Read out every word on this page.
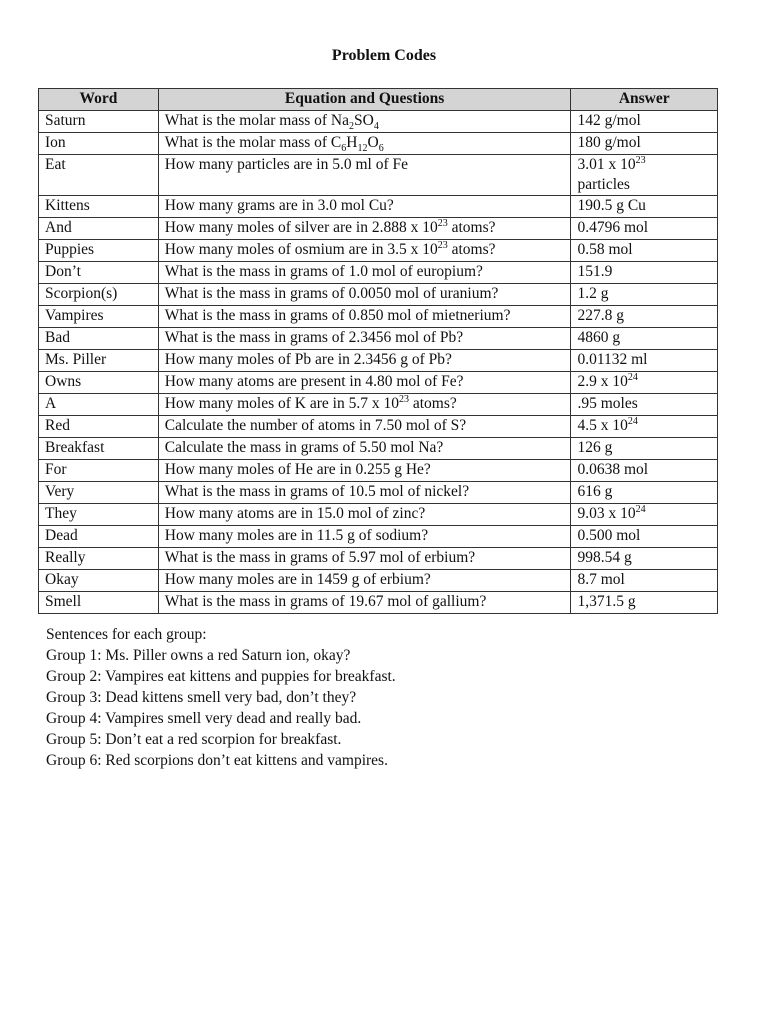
Problem Codes
Word	Equation and Questions	Answer
Saturn	What is the molar mass of $Na_2SO_4$	142 g/mol
Ion	What is the molar mass of $C_6H_{12}O_6$	180 g/mol
Eat	How many particles are in 5.0 ml of Fe	3.01 x $10^{23}$
particles
Kittens	How many grams are in 3.0 mol Cu?	190.5 g Cu
And	How many moles of silver are in 2.888 x $10^{23}$ atoms?	0.4796 mol
Puppies	How many moles of osmium are in 3.5 x $10^{23}$ atoms?	0.58 mol
Don’t	What is the mass in grams of 1.0 mol of europium?	151.9
Scorpion(s)	What is the mass in grams of 0.0050 mol of uranium?	1.2 g
Vampires	What is the mass in grams of 0.850 mol of mietnerium?	227.8 g
Bad	What is the mass in grams of 2.3456 mol of Pb?	4860 g
Ms. Piller	How many moles of Pb are in 2.3456 g of Pb?	0.01132 ml
Owns	How many atoms are present in 4.80 mol of Fe?	2.9 x $10^{24}$
A	How many moles of K are in 5.7 x $10^{23}$ atoms?	.95 moles
Red	Calculate the number of atoms in 7.50 mol of S?	4.5 x $10^{24}$
Breakfast	Calculate the mass in grams of 5.50 mol Na?	126 g
For	How many moles of He are in 0.255 g He?	0.0638 mol
Very	What is the mass in grams of 10.5 mol of nickel?	616 g
They	How many atoms are in 15.0 mol of zinc?	9.03 x $10^{24}$
Dead	How many moles are in 11.5 g of sodium?	0.500 mol
Really	What is the mass in grams of 5.97 mol of erbium?	998.54 g
Okay	How many moles are in 1459 g of erbium?	8.7 mol
Smell	What is the mass in grams of 19.67 mol of gallium?	1,371.5 g
Sentences for each group:
Group 1: Ms. Piller owns a red Saturn ion, okay?
Group 2: Vampires eat kittens and puppies for breakfast.
Group 3: Dead kittens smell very bad, don’t they?
Group 4: Vampires smell very dead and really bad.
Group 5: Don’t eat a red scorpion for breakfast.
Group 6: Red scorpions don’t eat kittens and vampires.
